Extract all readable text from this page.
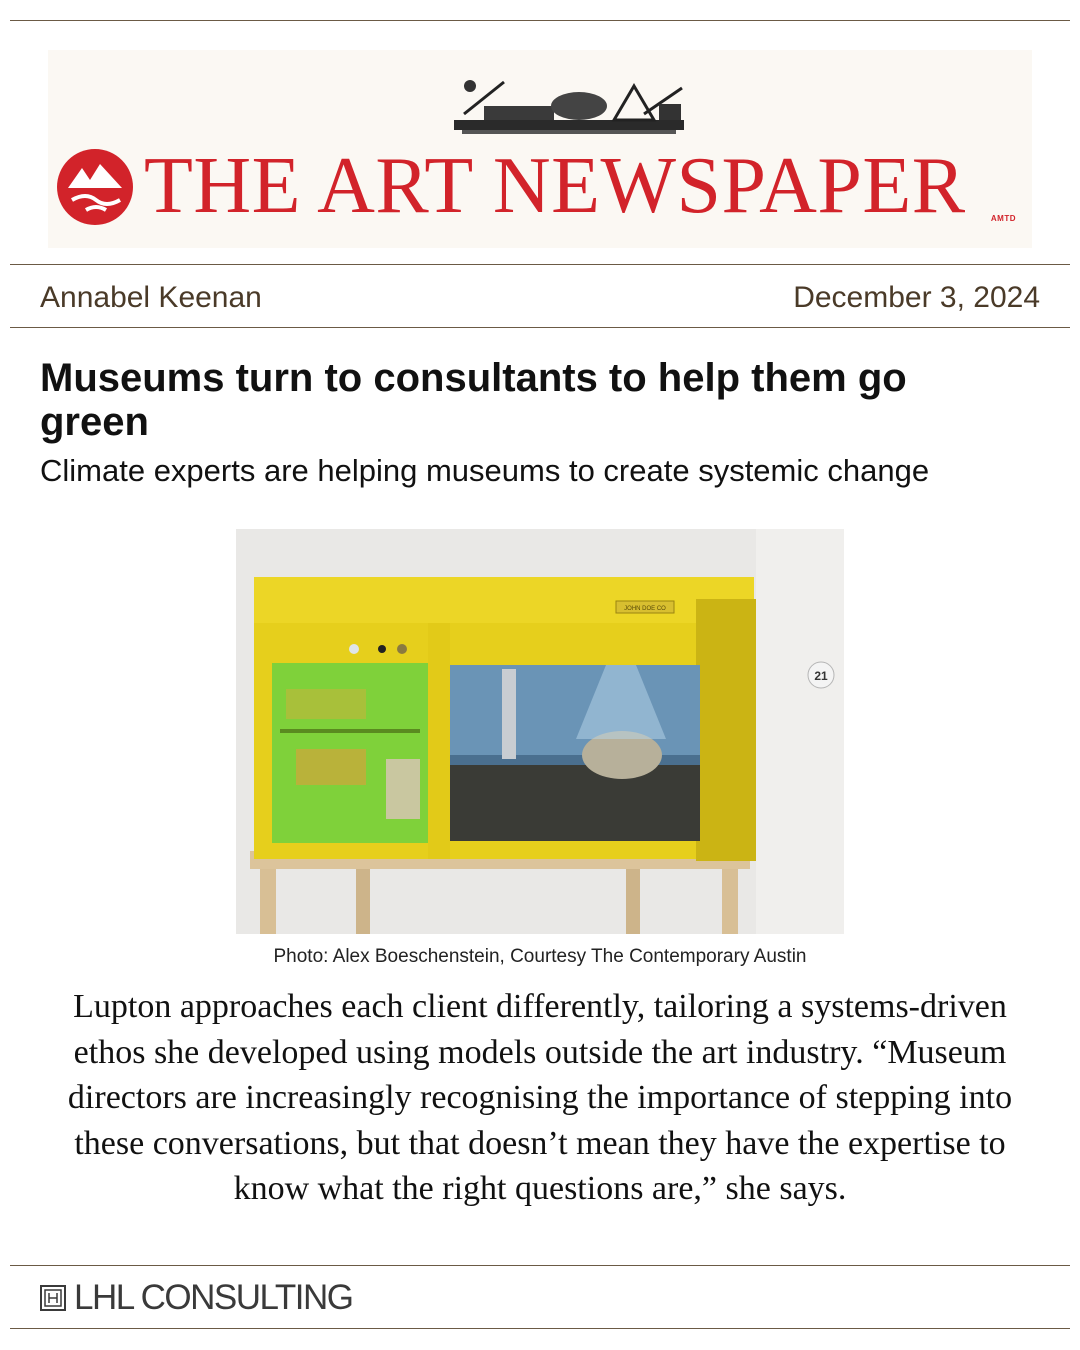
THE ART NEWSPAPER	AMTD
Annabel Keenan	December 3, 2024
Museums turn to consultants to help them go green
Climate experts are helping museums to create systemic change
JOHN DOE CO
21
Photo: Alex Boeschenstein, Courtesy The Contemporary Austin
Lupton approaches each client differently, tailoring a systems-driven ethos she developed using models outside the art industry. “Museum directors are increasingly recognising the importance of stepping into these conversations, but that doesn’t mean they have the expertise to know what the right questions are,” she says.
LHL CONSULTING
